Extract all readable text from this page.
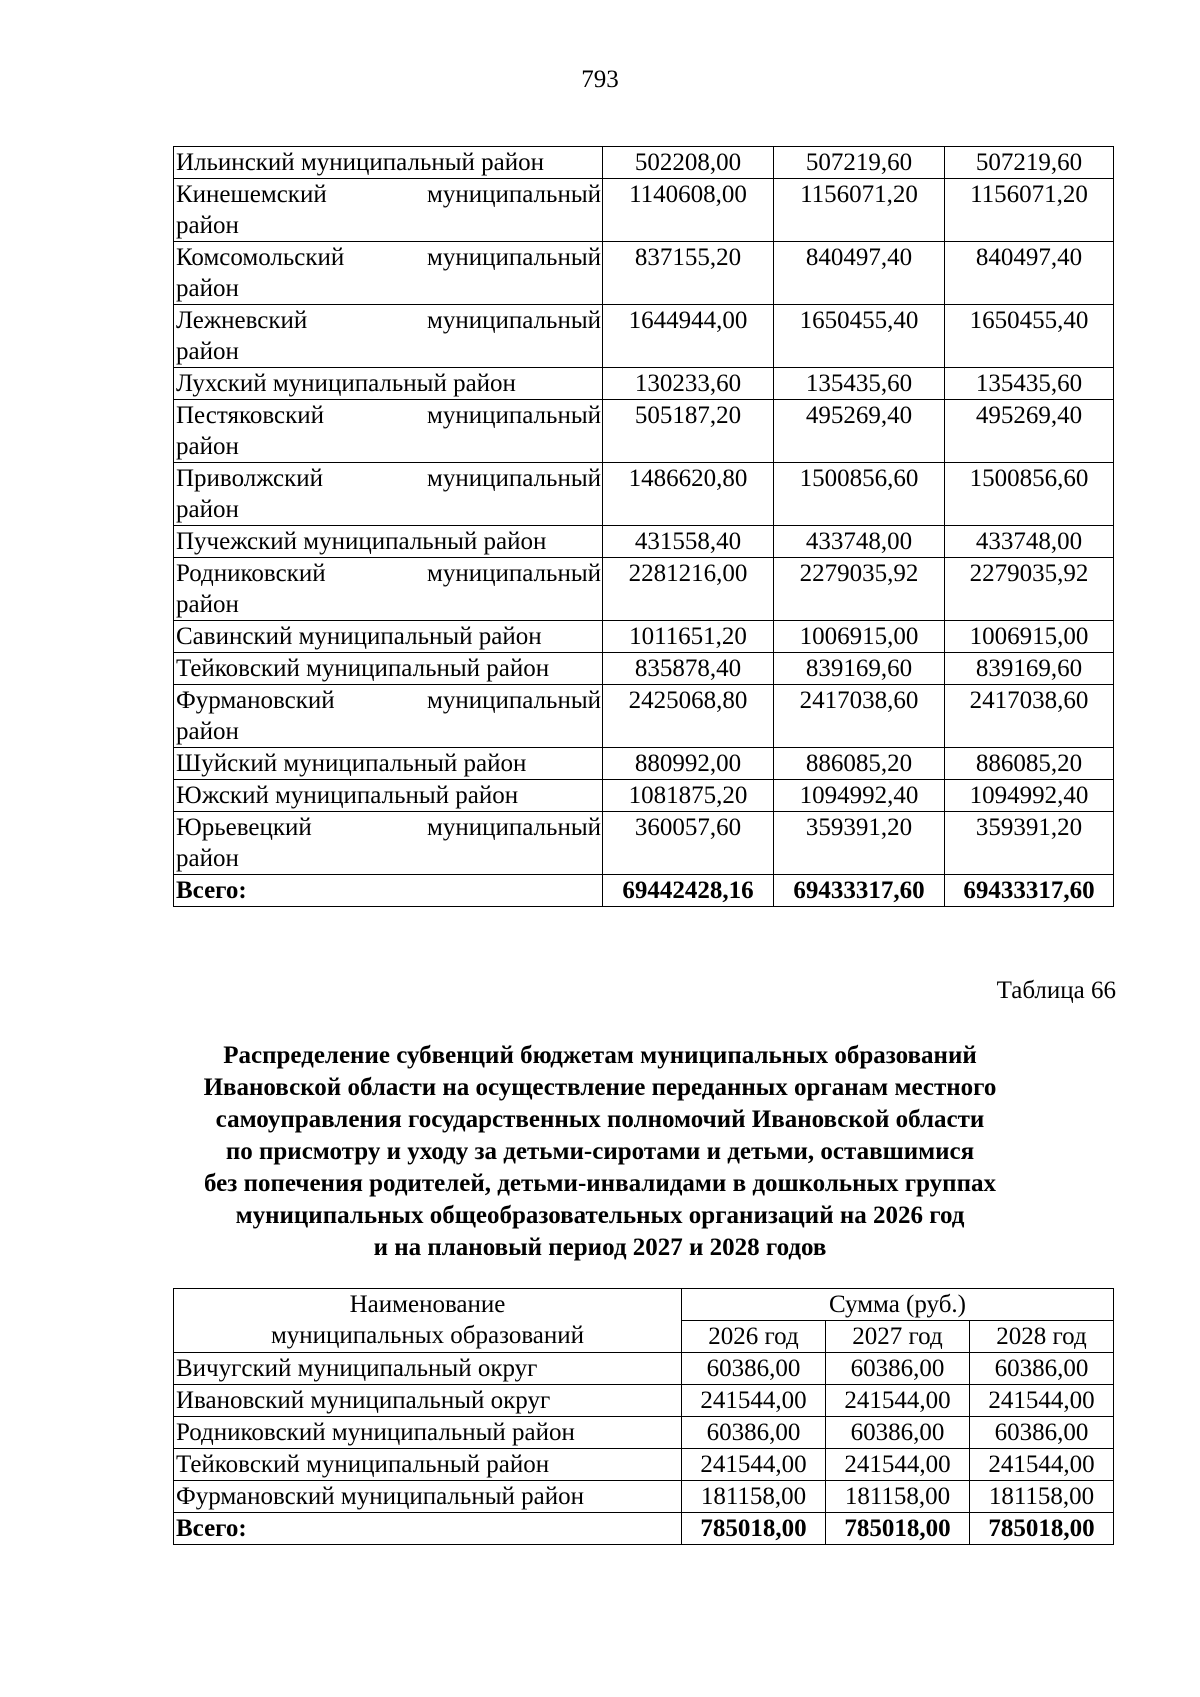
793
Ильинский муниципальный район	502208,00	507219,60	507219,60

Кинешемский муниципальный
район	1140608,00	1156071,20	1156071,20

Комсомольский муниципальный
район	837155,20	840497,40	840497,40

Лежневский муниципальный
район	1644944,00	1650455,40	1650455,40
Лухский муниципальный район	130233,60	135435,60	135435,60

Пестяковский муниципальный
район	505187,20	495269,40	495269,40

Приволжский муниципальный
район	1486620,80	1500856,60	1500856,60
Пучежский муниципальный район	431558,40	433748,00	433748,00

Родниковский муниципальный
район	2281216,00	2279035,92	2279035,92
Савинский муниципальный район	1011651,20	1006915,00	1006915,00
Тейковский муниципальный район	835878,40	839169,60	839169,60

Фурмановский муниципальный
район	2425068,80	2417038,60	2417038,60
Шуйский муниципальный район	880992,00	886085,20	886085,20
Южский муниципальный район	1081875,20	1094992,40	1094992,40

Юрьевецкий муниципальный
район	360057,60	359391,20	359391,20
Всего:	69442428,16	69433317,60	69433317,60
Таблица 66
Распределение субвенций бюджетам муниципальных образований
Ивановской области на осуществление переданных органам местного
самоуправления государственных полномочий Ивановской области
по присмотру и уходу за детьми-сиротами и детьми, оставшимися
без попечения родителей, детьми-инвалидами в дошкольных группах
муниципальных общеобразовательных организаций на 2026 год
и на плановый период 2027 и 2028 годов
Наименование
муниципальных образований	Сумма (руб.)		
	2026 год	2027 год	2028 год
Вичугский муниципальный округ	60386,00	60386,00	60386,00
Ивановский муниципальный округ	241544,00	241544,00	241544,00
Родниковский муниципальный район	60386,00	60386,00	60386,00
Тейковский муниципальный район	241544,00	241544,00	241544,00
Фурмановский муниципальный район	181158,00	181158,00	181158,00
Всего:	785018,00	785018,00	785018,00
